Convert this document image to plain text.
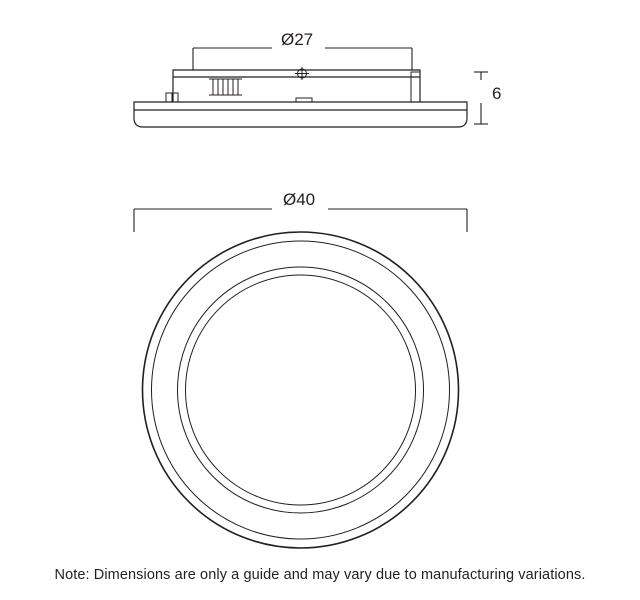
Ø27
6
Ø40
Note: Dimensions are only a guide and may vary due to manufacturing variations.
